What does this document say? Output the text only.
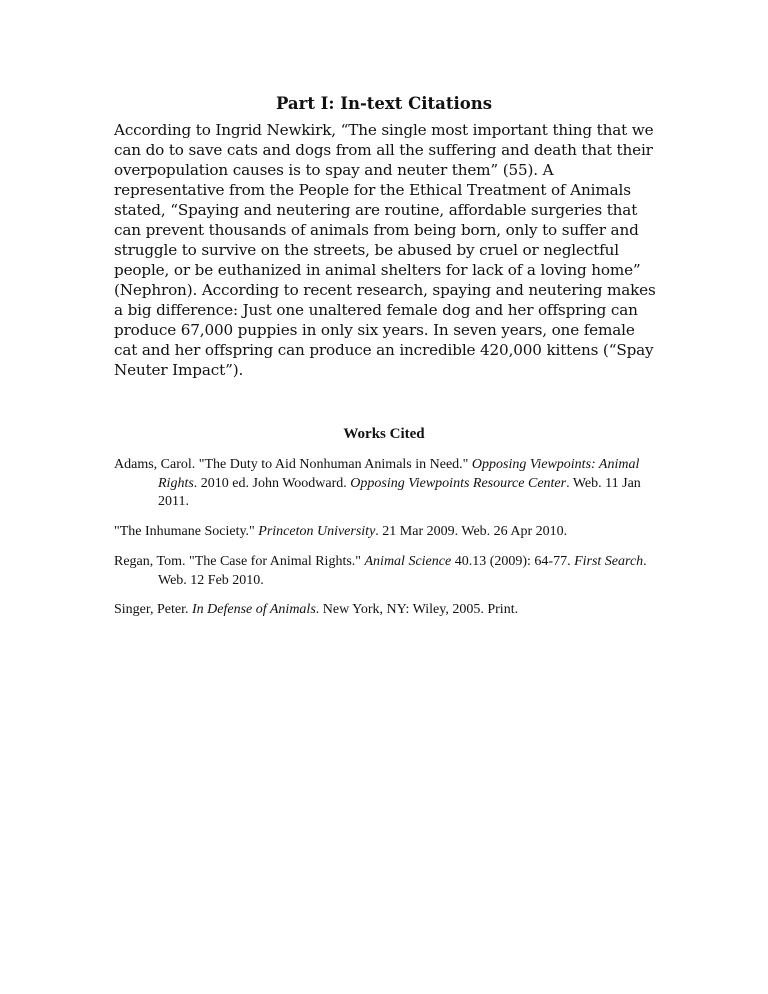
Part I: In-text Citations

According to Ingrid Newkirk, “The single most important thing that we can do to save cats and dogs from all the suffering and death that their overpopulation causes is to spay and neuter them” (55). A representative from the People for the Ethical Treatment of Animals stated, “Spaying and neutering are routine, affordable surgeries that can prevent thousands of animals from being born, only to suffer and struggle to survive on the streets, be abused by cruel or neglectful people, or be euthanized in animal shelters for lack of a loving home” (Nephron). According to recent research, spaying and neutering makes a big difference: Just one unaltered female dog and her offspring can produce 67,000 puppies in only six years. In seven years, one female cat and her offspring can produce an incredible 420,000 kittens (“Spay Neuter Impact”).

Works Cited
Adams, Carol. "The Duty to Aid Nonhuman Animals in Need." Opposing Viewpoints: Animal Rights. 2010 ed. John Woodward. Opposing Viewpoints Resource Center. Web. 11 Jan 2011.
"The Inhumane Society." Princeton University. 21 Mar 2009. Web. 26 Apr 2010.
Regan, Tom. "The Case for Animal Rights." Animal Science 40.13 (2009): 64-77. First Search. Web. 12 Feb 2010.
Singer, Peter. In Defense of Animals. New York, NY: Wiley, 2005. Print.
